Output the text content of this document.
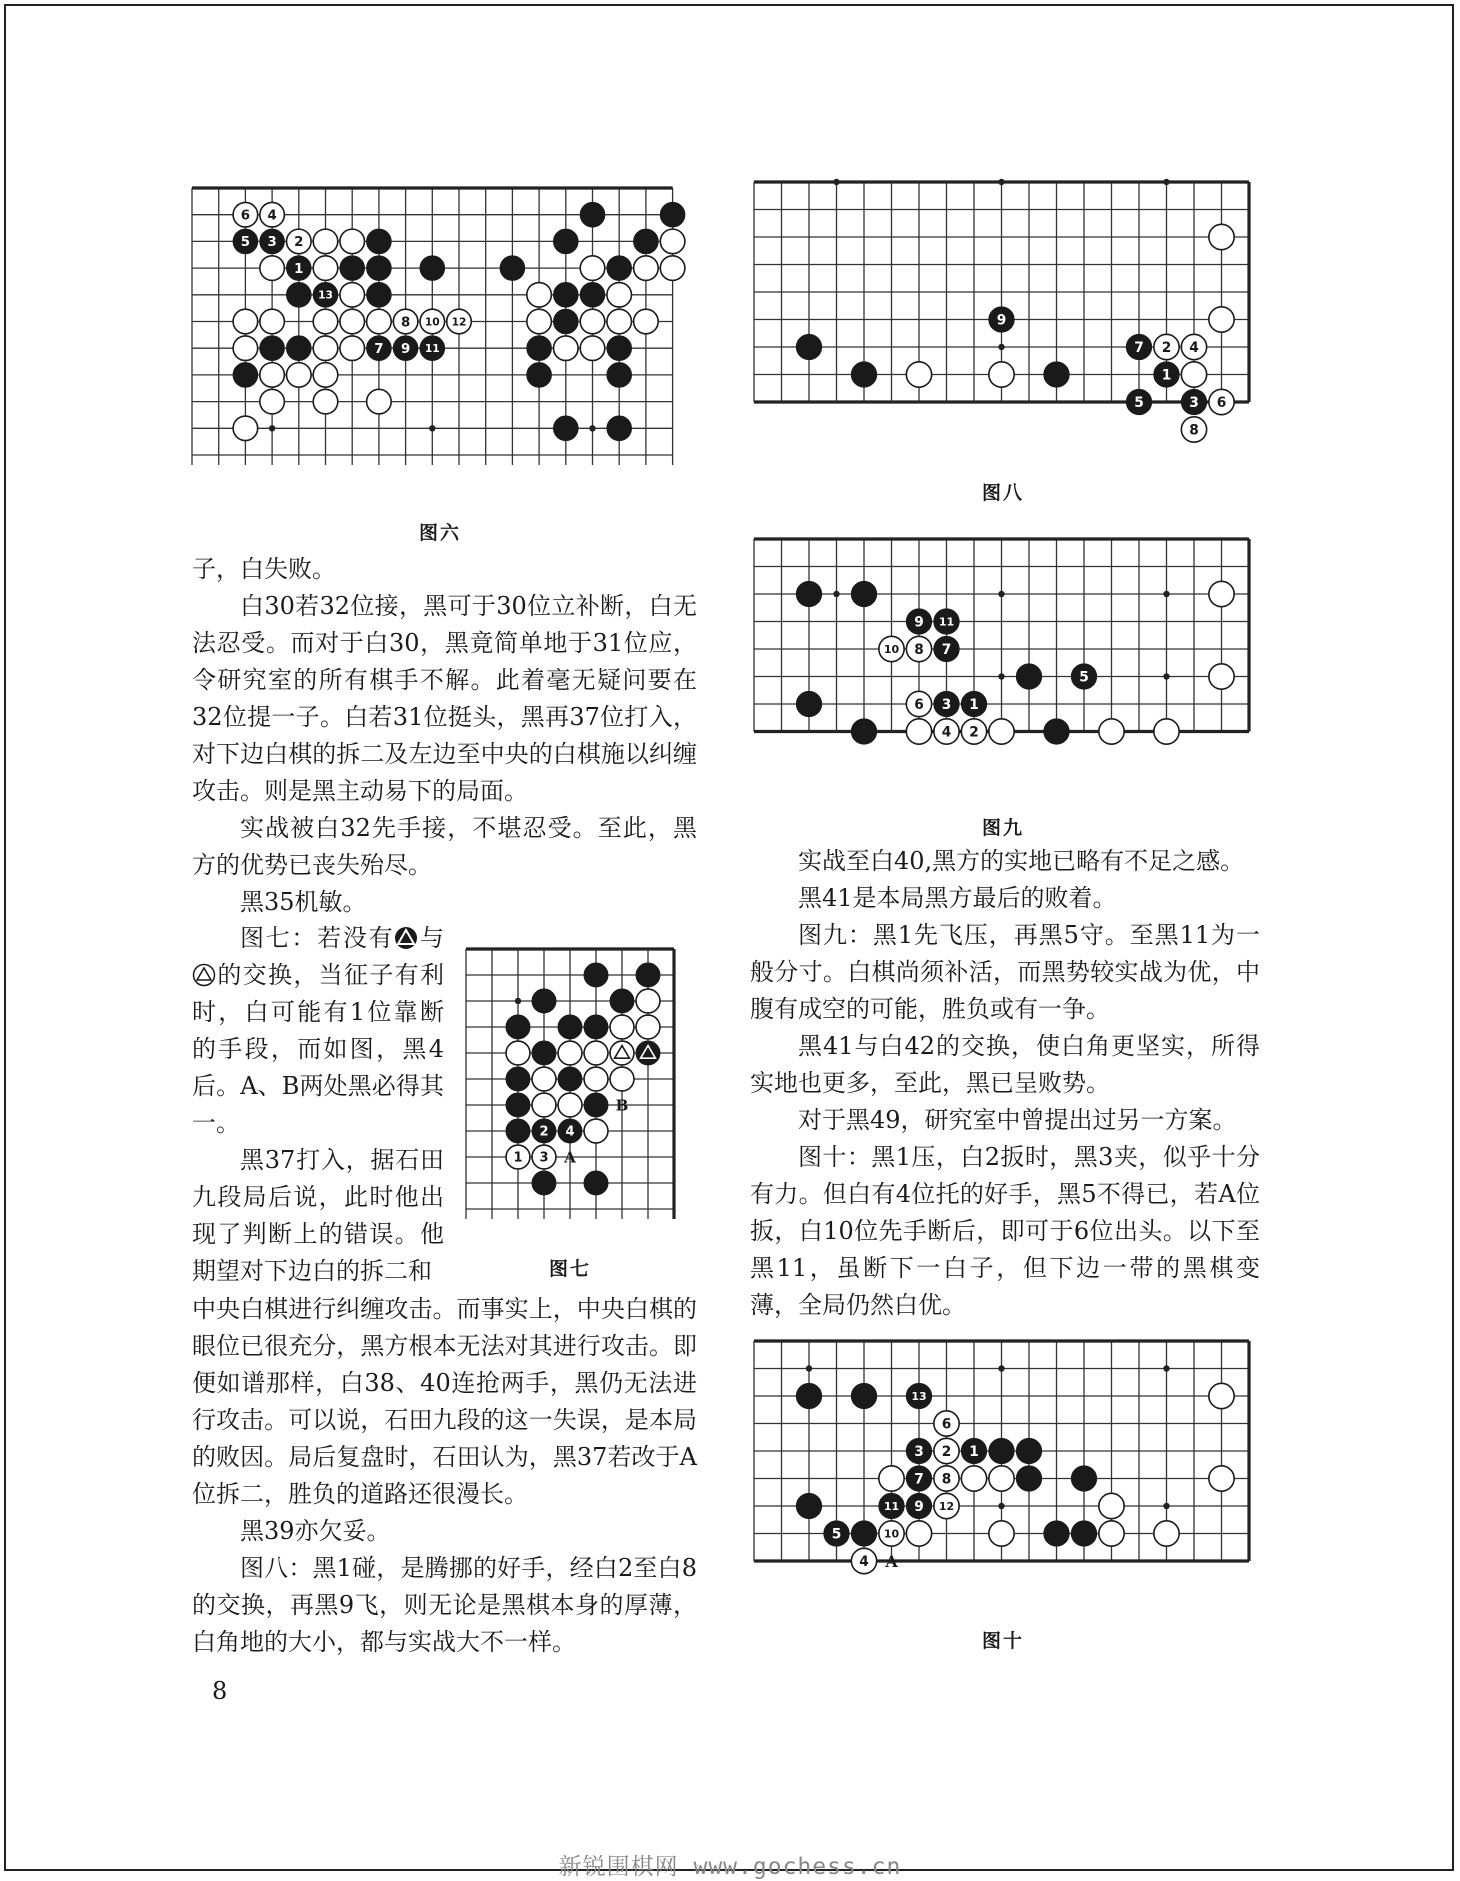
6 4
5 3 2
1
13
8 10 12
7 9 11
图六
9
7 2 4
1
5	3 6
8
图八
9 11
10 8 7
5
6 3 1
4 2
图九
2 4
1 3 A
B
图七
13
6
3 2 1
7 8
11 9 12
5	10
4 A
图十

子，白失败。

白30若32位接，黑可于30位立补断，白无法忍受。而对于白30，黑竟简单地于31位应，令研究室的所有棋手不解。此着毫无疑问要在32位提一子。白若31位挺头，黑再37位打入，对下边白棋的拆二及左边至中央的白棋施以纠缠攻击。则是黑主动易下的局面。

实战被白32先手接，不堪忍受。至此，黑方的优势已丧失殆尽。

黑35机敏。

图七：若没有 与的交换，当征子有利时，白可能有1位靠断的手段，而如图，黑4后。A、B两处黑必得其一。

黑37打入，据石田九段局后说，此时他出现了判断上的错误。他期望对下边白的拆二和

中央白棋进行纠缠攻击。而事实上，中央白棋的眼位已很充分，黑方根本无法对其进行攻击。即便如谱那样，白38、40连抢两手，黑仍无法进行攻击。可以说，石田九段的这一失误，是本局的败因。局后复盘时，石田认为，黑37若改于A位拆二，胜负的道路还很漫长。

黑39亦欠妥。

图八：黑1碰，是腾挪的好手，经白2至白8的交换，再黑9飞，则无论是黑棋本身的厚薄，白角地的大小，都与实战大不一样。

实战至白40,黑方的实地已略有不足之感。

黑41是本局黑方最后的败着。

图九：黑1先飞压，再黑5守。至黑11为一般分寸。白棋尚须补活，而黑势较实战为优，中腹有成空的可能，胜负或有一争。

黑41与白42的交换，使白角更坚实，所得实地也更多，至此，黑已呈败势。

对于黑49，研究室中曾提出过另一方案。

图十：黑1压，白2扳时，黑3夹，似乎十分有力。但白有4位托的好手，黑5不得已，若A位扳，白10位先手断后，即可于6位出头。以下至黑11，虽断下一白子，但下边一带的黑棋变薄，全局仍然白优。

8
新锐围棋网 www.gochess.cn
